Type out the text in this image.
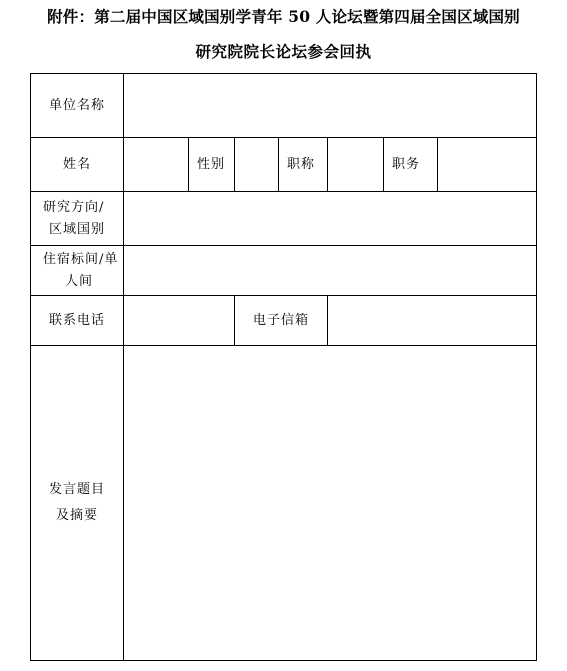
附件：第二届中国区域国别学青年 50 人论坛暨第四届全国区域国别
研究院院长论坛参会回执
单位名称							
姓名		性别		职称		职务	
研究方向/
区域国别							

住宿标间/单
人间							

联系电话			电子信箱				
发言题目
及摘要							
